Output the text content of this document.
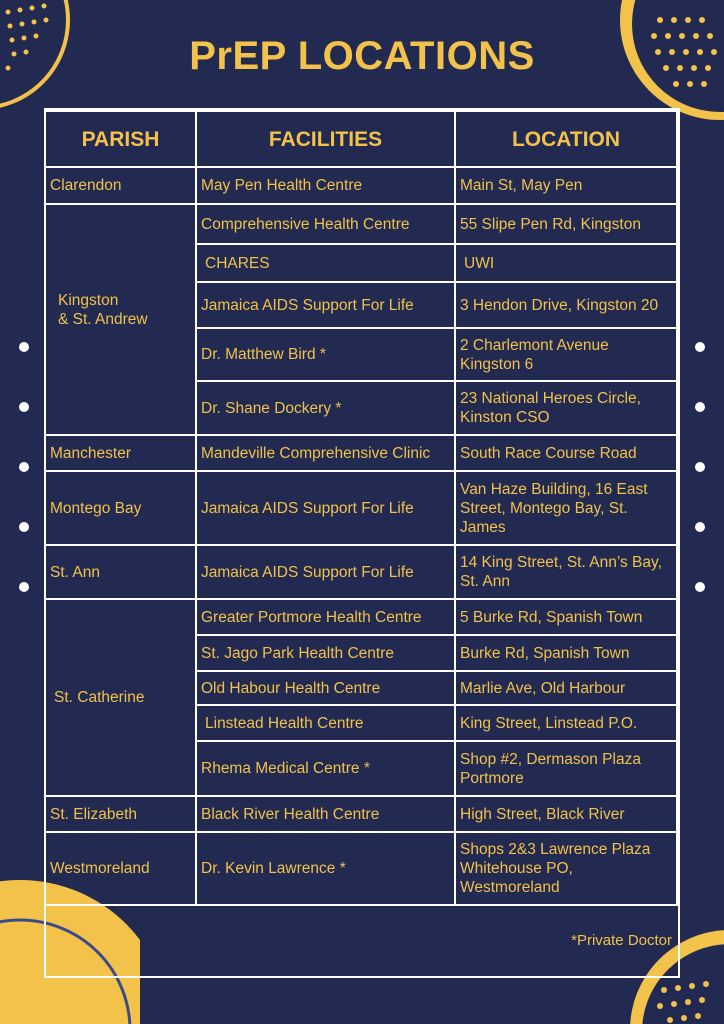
PrEP LOCATIONS
PARISH	FACILITIES	LOCATION
Clarendon
Kingston
& St. Andrew
Manchester
Montego Bay
St. Ann
St. Catherine
St. Elizabeth
Westmoreland
May Pen Health Centre
Comprehensive Health Centre
CHARES
Jamaica AIDS Support For Life
Dr. Matthew Bird *
Dr. Shane Dockery *
Mandeville Comprehensive Clinic
Jamaica AIDS Support For Life
Jamaica AIDS Support For Life
Greater Portmore Health Centre
St. Jago Park Health Centre
Old Habour Health Centre
Linstead Health Centre
Rhema Medical Centre *
Black River Health Centre
Dr. Kevin Lawrence *
Main St, May Pen
55 Slipe Pen Rd, Kingston
UWI
3 Hendon Drive, Kingston 20
2 Charlemont Avenue Kingston 6
23 National Heroes Circle, Kinston CSO
South Race Course Road
Van Haze Building, 16 East Street, Montego Bay, St. James
14 King Street, St. Ann’s Bay, St. Ann
5 Burke Rd, Spanish Town
Burke Rd, Spanish Town
Marlie Ave, Old Harbour
King Street, Linstead P.O.
Shop #2, Dermason Plaza Portmore
High Street, Black River
Shops 2&3 Lawrence Plaza Whitehouse PO, Westmoreland
*Private Doctor
